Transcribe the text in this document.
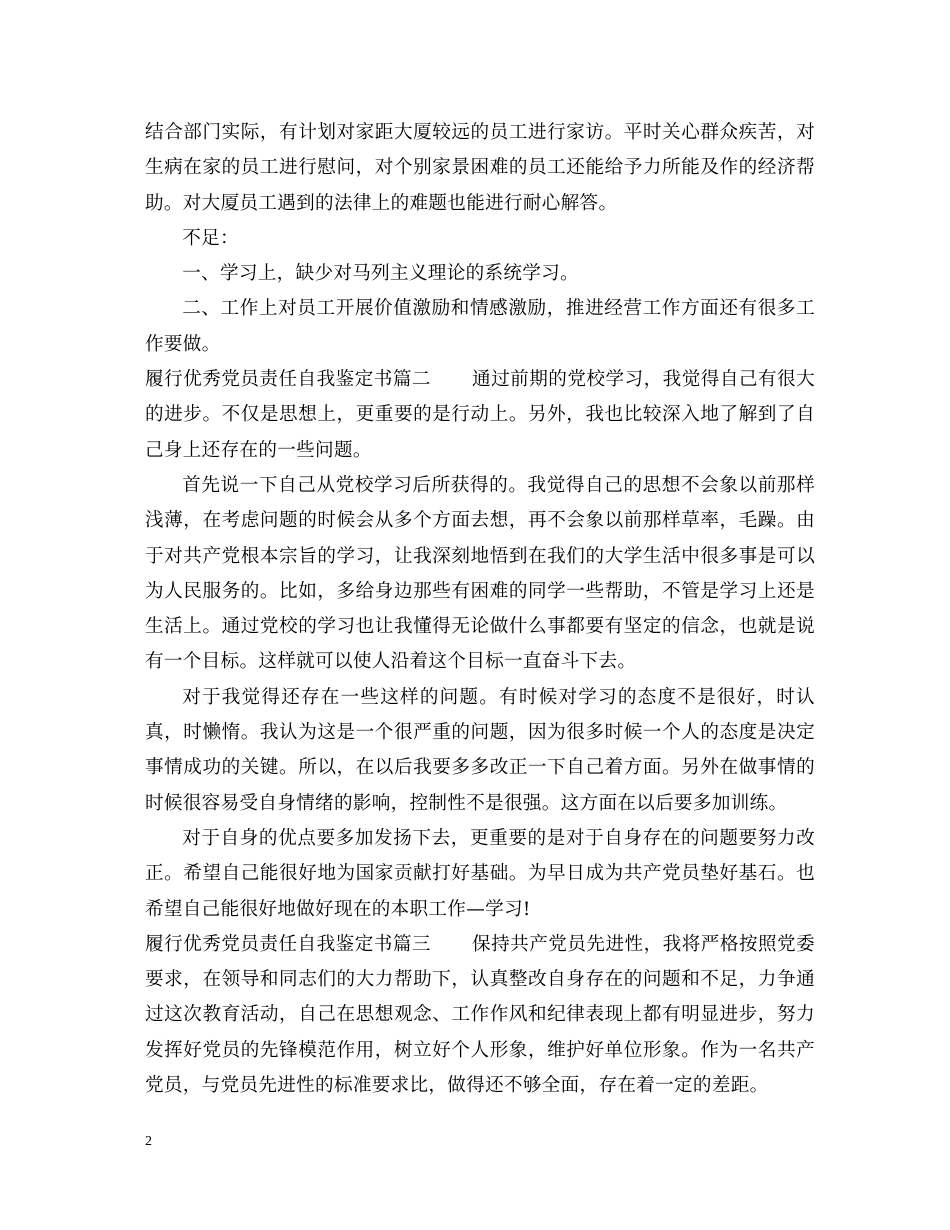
结合部门实际，有计划对家距大厦较远的员工进行家访。平时关心群众疾苦，对生病在家的员工进行慰问，对个别家景困难的员工还能给予力所能及作的经济帮助。对大厦员工遇到的法律上的难题也能进行耐心解答。

不足：

一、学习上，缺少对马列主义理论的系统学习。

二、工作上对员工开展价值激励和情感激励，推进经营工作方面还有很多工作要做。

履行优秀党员责任自我鉴定书篇二 通过前期的党校学习，我觉得自己有很大的进步。不仅是思想上，更重要的是行动上。另外，我也比较深入地了解到了自己身上还存在的一些问题。

首先说一下自己从党校学习后所获得的。我觉得自己的思想不会象以前那样浅薄，在考虑问题的时候会从多个方面去想，再不会象以前那样草率，毛躁。由于对共产党根本宗旨的学习，让我深刻地悟到在我们的大学生活中很多事是可以为人民服务的。比如，多给身边那些有困难的同学一些帮助，不管是学习上还是生活上。通过党校的学习也让我懂得无论做什么事都要有坚定的信念，也就是说有一个目标。这样就可以使人沿着这个目标一直奋斗下去。

对于我觉得还存在一些这样的问题。有时候对学习的态度不是很好，时认真，时懒惰。我认为这是一个很严重的问题，因为很多时候一个人的态度是决定事情成功的关键。所以，在以后我要多多改正一下自己着方面。另外在做事情的时候很容易受自身情绪的影响，控制性不是很强。这方面在以后要多加训练。

对于自身的优点要多加发扬下去，更重要的是对于自身存在的问题要努力改正。希望自己能很好地为国家贡献打好基础。为早日成为共产党员垫好基石。也希望自己能很好地做好现在的本职工作—学习!

履行优秀党员责任自我鉴定书篇三 保持共产党员先进性，我将严格按照党委要求，在领导和同志们的大力帮助下，认真整改自身存在的问题和不足，力争通过这次教育活动，自己在思想观念、工作作风和纪律表现上都有明显进步，努力发挥好党员的先锋模范作用，树立好个人形象，维护好单位形象。作为一名共产党员，与党员先进性的标准要求比，做得还不够全面，存在着一定的差距。

2
